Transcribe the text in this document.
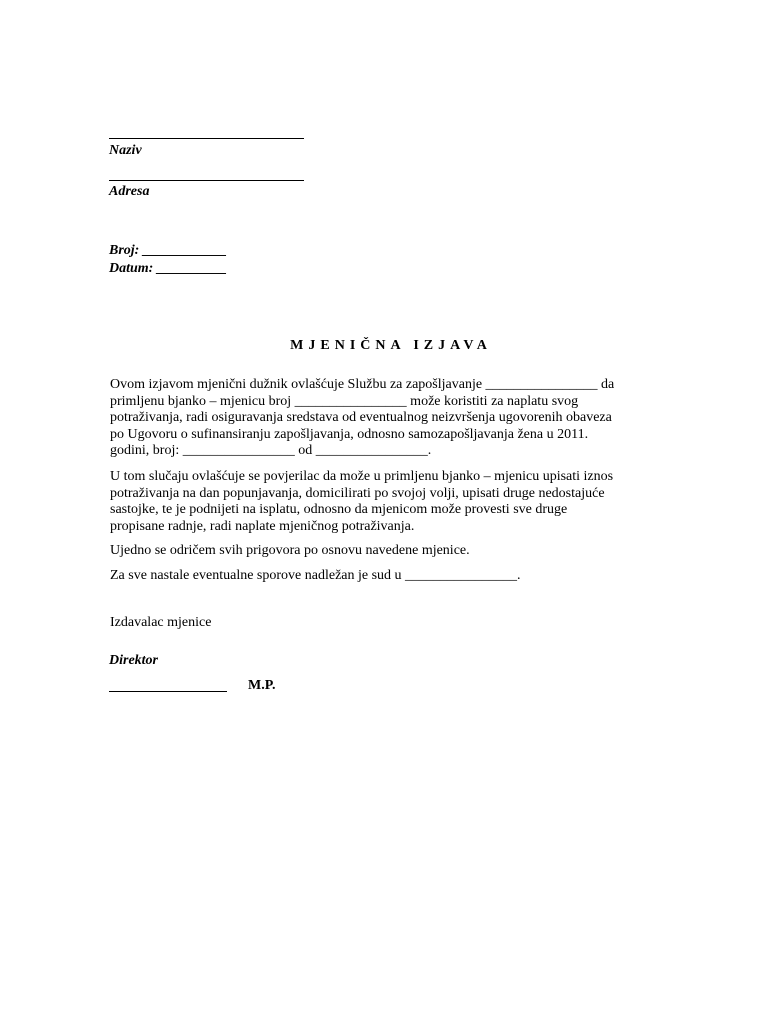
Naziv
Adresa
Broj: ____________
Datum: __________
MJENIČNA IZJAVA
Ovom izjavom mjenični dužnik ovlašćuje Službu za zapošljavanje ________________ da
primljenu bjanko – mjenicu broj ________________ može koristiti za naplatu svog
potraživanja, radi osiguravanja sredstava od eventualnog neizvršenja ugovorenih obaveza
po Ugovoru o sufinansiranju zapošljavanja, odnosno samozapošljavanja žena u 2011.
godini, broj: ________________ od ________________.
U tom slučaju ovlašćuje se povjerilac da može u primljenu bjanko – mjenicu upisati iznos
potraživanja na dan popunjavanja, domicilirati po svojoj volji, upisati druge nedostajuće
sastojke, te je podnijeti na isplatu, odnosno da mjenicom može provesti sve druge
propisane radnje, radi naplate mjeničnog potraživanja.
Ujedno se odričem svih prigovora po osnovu navedene mjenice.
Za sve nastale eventualne sporove nadležan je sud u ________________.
Izdavalac mjenice
Direktor
M.P.
